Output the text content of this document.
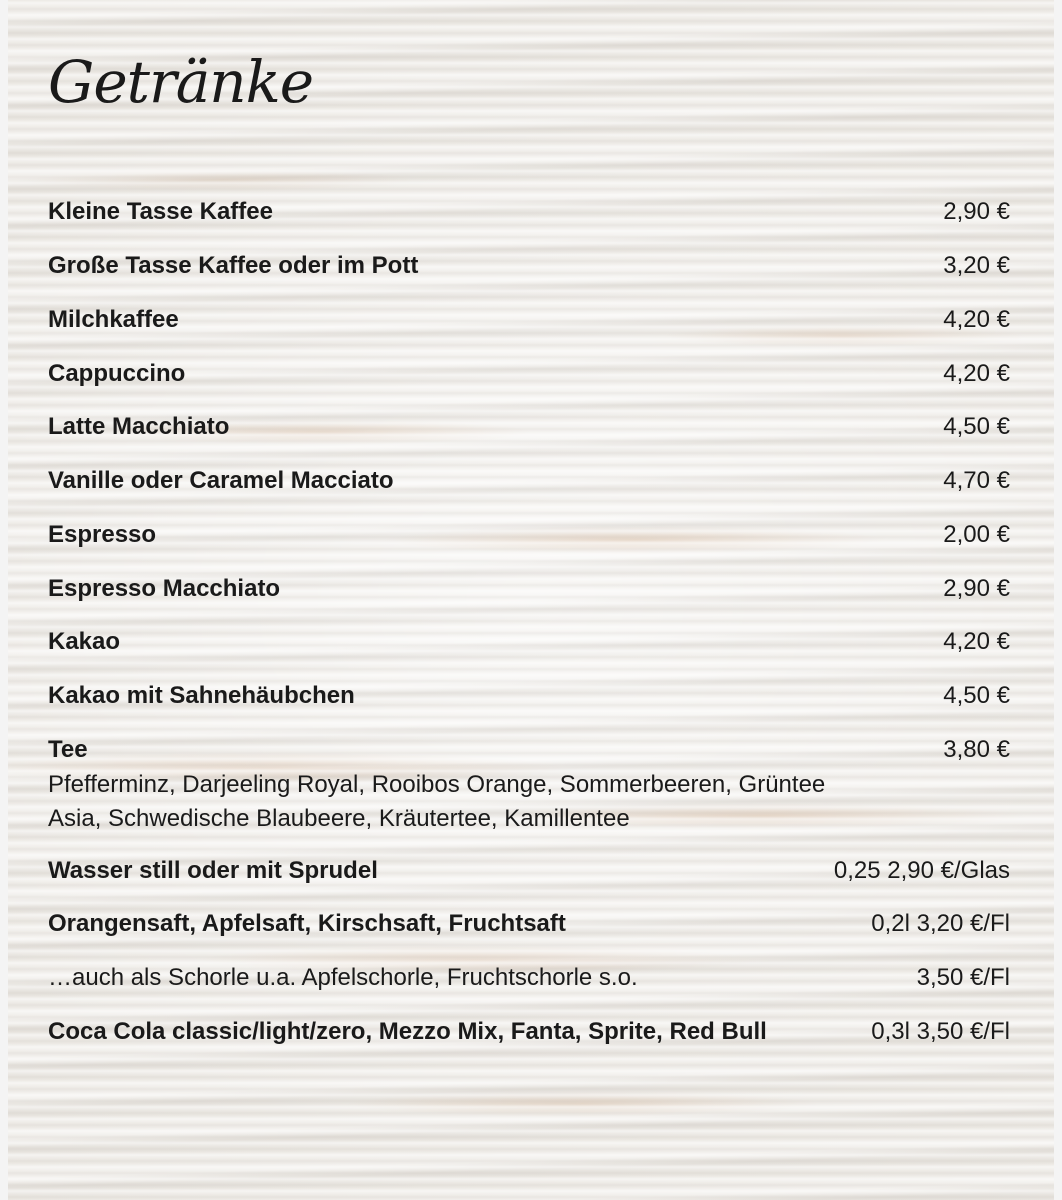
Getränke
Kleine Tasse Kaffee	2,90 €
Große Tasse Kaffee oder im Pott	3,20 €
Milchkaffee	4,20 €
Cappuccino	4,20 €
Latte Macchiato	4,50 €
Vanille oder Caramel Macciato	4,70 €
Espresso	2,00 €
Espresso Macchiato	2,90 €
Kakao	4,20 €
Kakao mit Sahnehäubchen	4,50 €
Tee	3,80 €
Pfefferminz, Darjeeling Royal, Rooibos Orange, Sommerbeeren, Grüntee Asia, Schwedische Blaubeere, Kräutertee, Kamillentee
Wasser still oder mit Sprudel	0,25 2,90 €/Glas
Orangensaft, Apfelsaft, Kirschsaft, Fruchtsaft	0,2l 3,20 €/Fl
…auch als Schorle u.a. Apfelschorle, Fruchtschorle s.o.	3,50 €/Fl
Coca Cola classic/light/zero, Mezzo Mix, Fanta, Sprite, Red Bull	0,3l 3,50 €/Fl
